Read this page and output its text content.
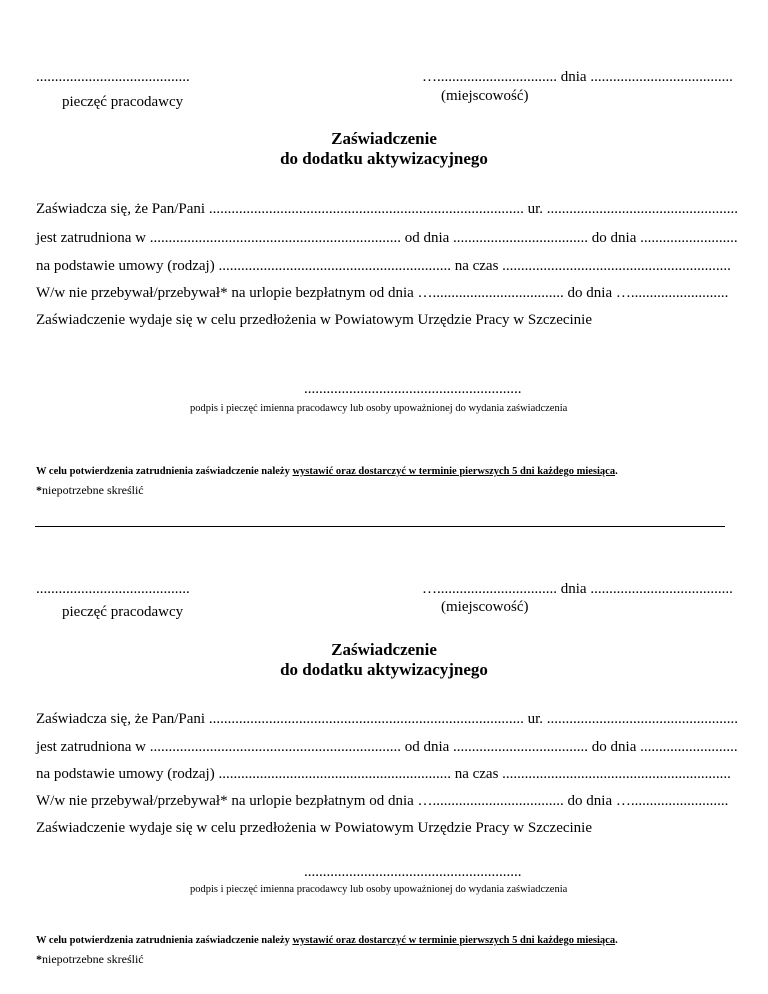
.........................................
pieczęć pracodawcy
…................................ dnia ......................................
(miejscowość)
Zaświadczenie
do dodatku aktywizacyjnego
Zaświadcza się, że Pan/Pani .................................................................................... ur. ...................................................
jest zatrudniona w ................................................................... od dnia .................................... do dnia ..........................
na podstawie umowy (rodzaj) .............................................................. na czas .............................................................
W/w nie przebywał/przebywał* na urlopie bezpłatnym od dnia …................................... do dnia …..........................
Zaświadczenie wydaje się w celu przedłożenia w Powiatowym Urzędzie Pracy w Szczecinie
..........................................................
podpis i pieczęć imienna pracodawcy lub osoby upoważnionej do wydania zaświadczenia
W celu potwierdzenia zatrudnienia zaświadczenie należy wystawić oraz dostarczyć w terminie pierwszych 5 dni każdego miesiąca.
*niepotrzebne skreślić
.........................................
pieczęć pracodawcy
…................................ dnia ......................................
(miejscowość)
Zaświadczenie
do dodatku aktywizacyjnego
Zaświadcza się, że Pan/Pani .................................................................................... ur. ...................................................
jest zatrudniona w ................................................................... od dnia .................................... do dnia ..........................
na podstawie umowy (rodzaj) .............................................................. na czas .............................................................
W/w nie przebywał/przebywał* na urlopie bezpłatnym od dnia …................................... do dnia …..........................
Zaświadczenie wydaje się w celu przedłożenia w Powiatowym Urzędzie Pracy w Szczecinie
..........................................................
podpis i pieczęć imienna pracodawcy lub osoby upoważnionej do wydania zaświadczenia
W celu potwierdzenia zatrudnienia zaświadczenie należy wystawić oraz dostarczyć w terminie pierwszych 5 dni każdego miesiąca.
*niepotrzebne skreślić
